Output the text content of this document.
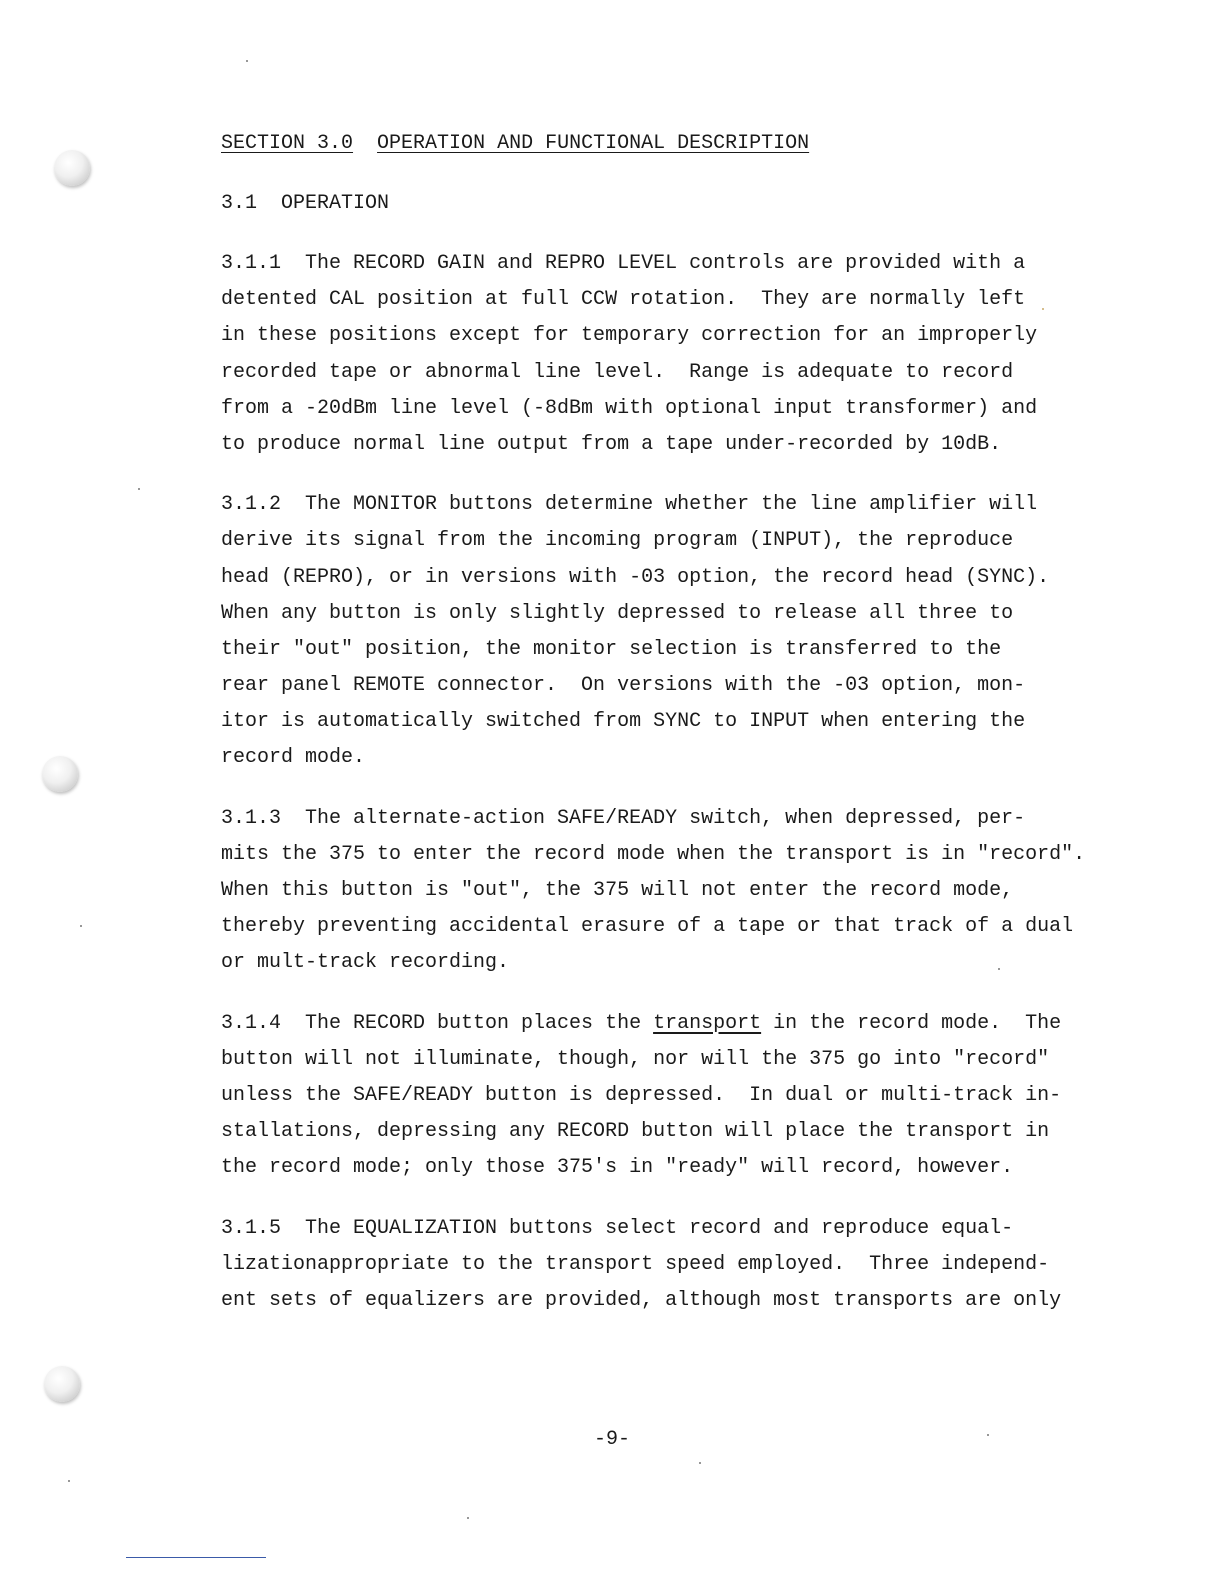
SECTION 3.0 OPERATION AND FUNCTIONAL DESCRIPTION
3.1  OPERATION
3.1.1  The RECORD GAIN and REPRO LEVEL controls are provided with a
detented CAL position at full CCW rotation.  They are normally left
in these positions except for temporary correction for an improperly
recorded tape or abnormal line level.  Range is adequate to record
from a -20dBm line level (-8dBm with optional input transformer) and
to produce normal line output from a tape under-recorded by 10dB.
3.1.2  The MONITOR buttons determine whether the line amplifier will
derive its signal from the incoming program (INPUT), the reproduce
head (REPRO), or in versions with -03 option, the record head (SYNC).
When any button is only slightly depressed to release all three to
their "out" position, the monitor selection is transferred to the
rear panel REMOTE connector.  On versions with the -03 option, mon-
itor is automatically switched from SYNC to INPUT when entering the
record mode.
3.1.3  The alternate-action SAFE/READY switch, when depressed, per-
mits the 375 to enter the record mode when the transport is in "record".
When this button is "out", the 375 will not enter the record mode,
thereby preventing accidental erasure of a tape or that track of a dual
or mult-track recording.
3.1.4  The RECORD button places the transport in the record mode.  The
button will not illuminate, though, nor will the 375 go into "record"
unless the SAFE/READY button is depressed.  In dual or multi-track in-
stallations, depressing any RECORD button will place the transport in
the record mode; only those 375's in "ready" will record, however.
3.1.5  The EQUALIZATION buttons select record and reproduce equal-
lizationappropriate to the transport speed employed.  Three independ-
ent sets of equalizers are provided, although most transports are only
-9-
